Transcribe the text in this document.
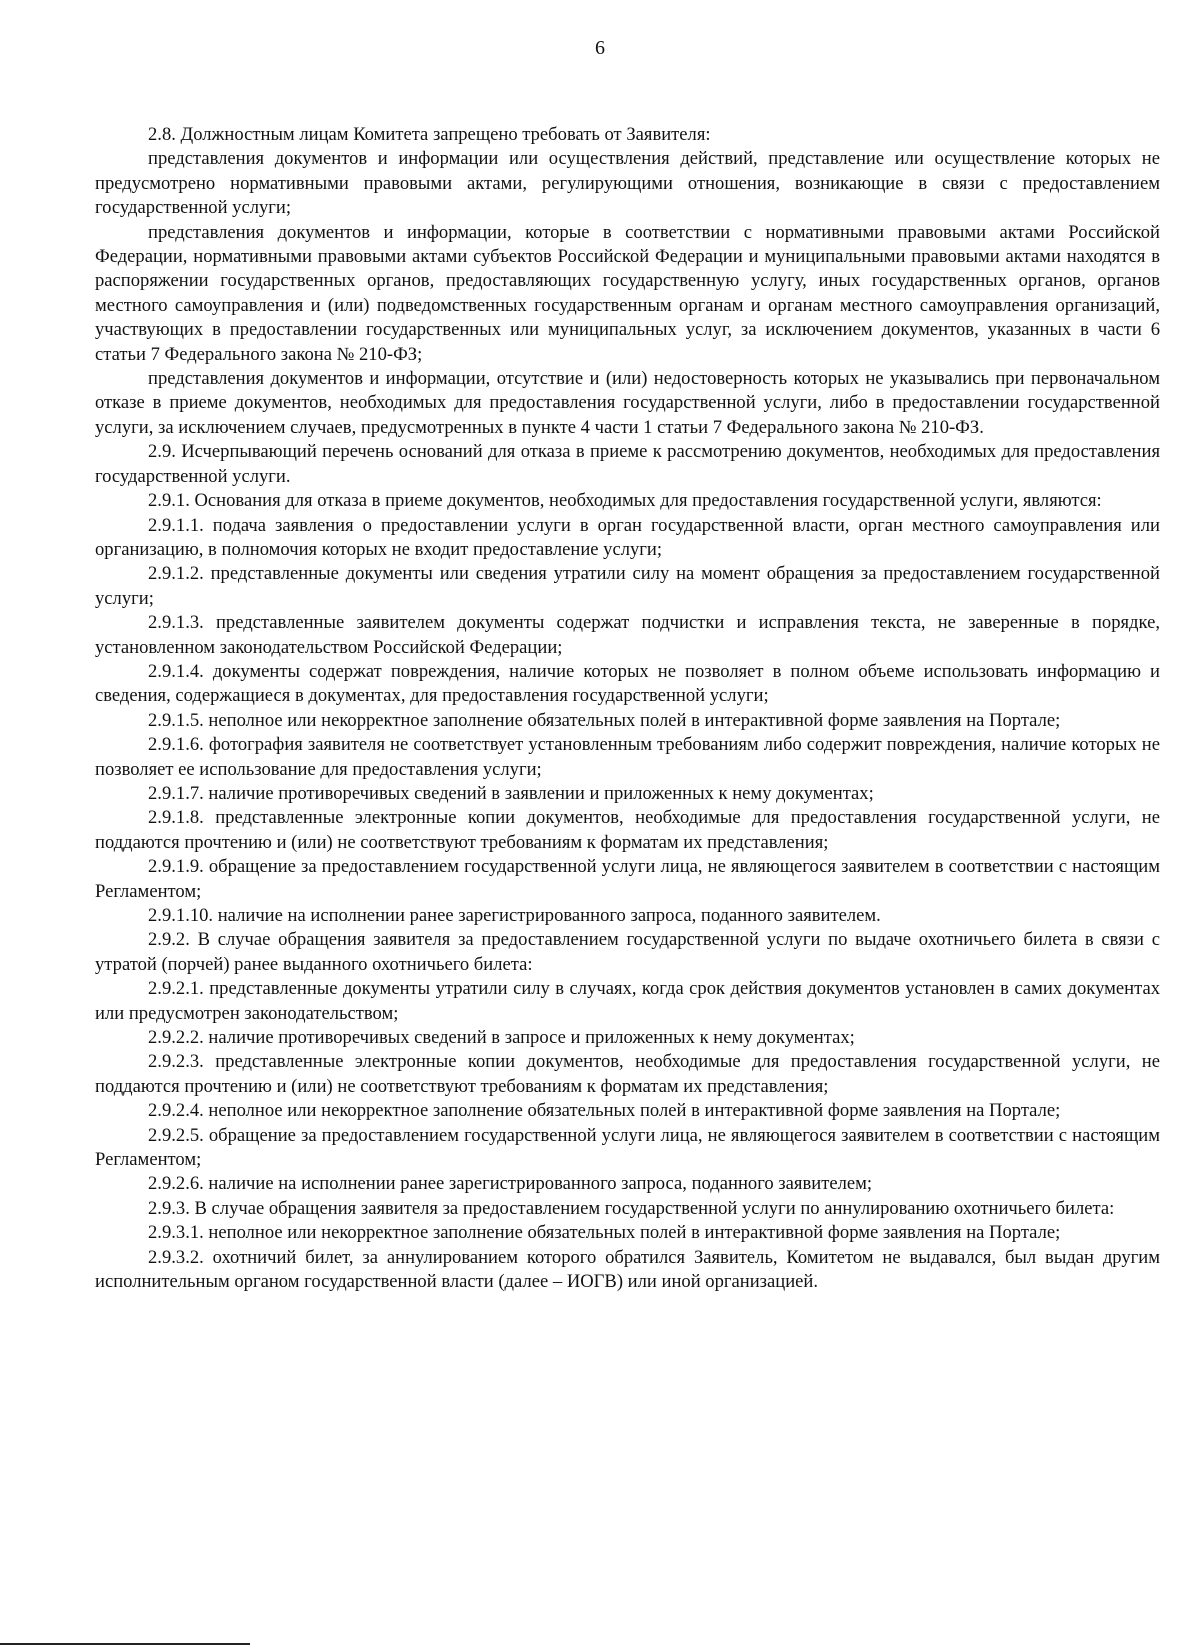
6

2.8. Должностным лицам Комитета запрещено требовать от Заявителя:

представления документов и информации или осуществления действий, представление или осуществление которых не предусмотрено нормативными правовыми актами, регулирующими отношения, возникающие в связи с предоставлением государственной услуги;

представления документов и информации, которые в соответствии с нормативными правовыми актами Российской Федерации, нормативными правовыми актами субъектов Российской Федерации и муниципальными правовыми актами находятся в распоряжении государственных органов, предоставляющих государственную услугу, иных государственных органов, органов местного самоуправления и (или) подведомственных государственным органам и органам местного самоуправления организаций, участвующих в предоставлении государственных или муниципальных услуг, за исключением документов, указанных в части 6 статьи 7 Федерального закона № 210-ФЗ;

представления документов и информации, отсутствие и (или) недостоверность которых не указывались при первоначальном отказе в приеме документов, необходимых для предоставления государственной услуги, либо в предоставлении государственной услуги, за исключением случаев, предусмотренных в пункте 4 части 1 статьи 7 Федерального закона № 210-ФЗ.

2.9. Исчерпывающий перечень оснований для отказа в приеме к рассмотрению документов, необходимых для предоставления государственной услуги.

2.9.1. Основания для отказа в приеме документов, необходимых для предоставления государственной услуги, являются:

2.9.1.1. подача заявления о предоставлении услуги в орган государственной власти, орган местного самоуправления или организацию, в полномочия которых не входит предоставление услуги;

2.9.1.2. представленные документы или сведения утратили силу на момент обращения за предоставлением государственной услуги;

2.9.1.3. представленные заявителем документы содержат подчистки и исправления текста, не заверенные в порядке, установленном законодательством Российской Федерации;

2.9.1.4. документы содержат повреждения, наличие которых не позволяет в полном объеме использовать информацию и сведения, содержащиеся в документах, для предоставления государственной услуги;

2.9.1.5. неполное или некорректное заполнение обязательных полей в интерактивной форме заявления на Портале;

2.9.1.6. фотография заявителя не соответствует установленным требованиям либо содержит повреждения, наличие которых не позволяет ее использование для предоставления услуги;

2.9.1.7. наличие противоречивых сведений в заявлении и приложенных к нему документах;

2.9.1.8. представленные электронные копии документов, необходимые для предоставления государственной услуги, не поддаются прочтению и (или) не соответствуют требованиям к форматам их представления;

2.9.1.9. обращение за предоставлением государственной услуги лица, не являющегося заявителем в соответствии с настоящим Регламентом;

2.9.1.10. наличие на исполнении ранее зарегистрированного запроса, поданного заявителем.

2.9.2. В случае обращения заявителя за предоставлением государственной услуги по выдаче охотничьего билета в связи с утратой (порчей) ранее выданного охотничьего билета:

2.9.2.1. представленные документы утратили силу в случаях, когда срок действия документов установлен в самих документах или предусмотрен законодательством;

2.9.2.2. наличие противоречивых сведений в запросе и приложенных к нему документах;

2.9.2.3. представленные электронные копии документов, необходимые для предоставления государственной услуги, не поддаются прочтению и (или) не соответствуют требованиям к форматам их представления;

2.9.2.4. неполное или некорректное заполнение обязательных полей в интерактивной форме заявления на Портале;

2.9.2.5. обращение за предоставлением государственной услуги лица, не являющегося заявителем в соответствии с настоящим Регламентом;

2.9.2.6. наличие на исполнении ранее зарегистрированного запроса, поданного заявителем;

2.9.3. В случае обращения заявителя за предоставлением государственной услуги по аннулированию охотничьего билета:

2.9.3.1. неполное или некорректное заполнение обязательных полей в интерактивной форме заявления на Портале;

2.9.3.2. охотничий билет, за аннулированием которого обратился Заявитель, Комитетом не выдавался, был выдан другим исполнительным органом государственной власти (далее – ИОГВ) или иной организацией.
